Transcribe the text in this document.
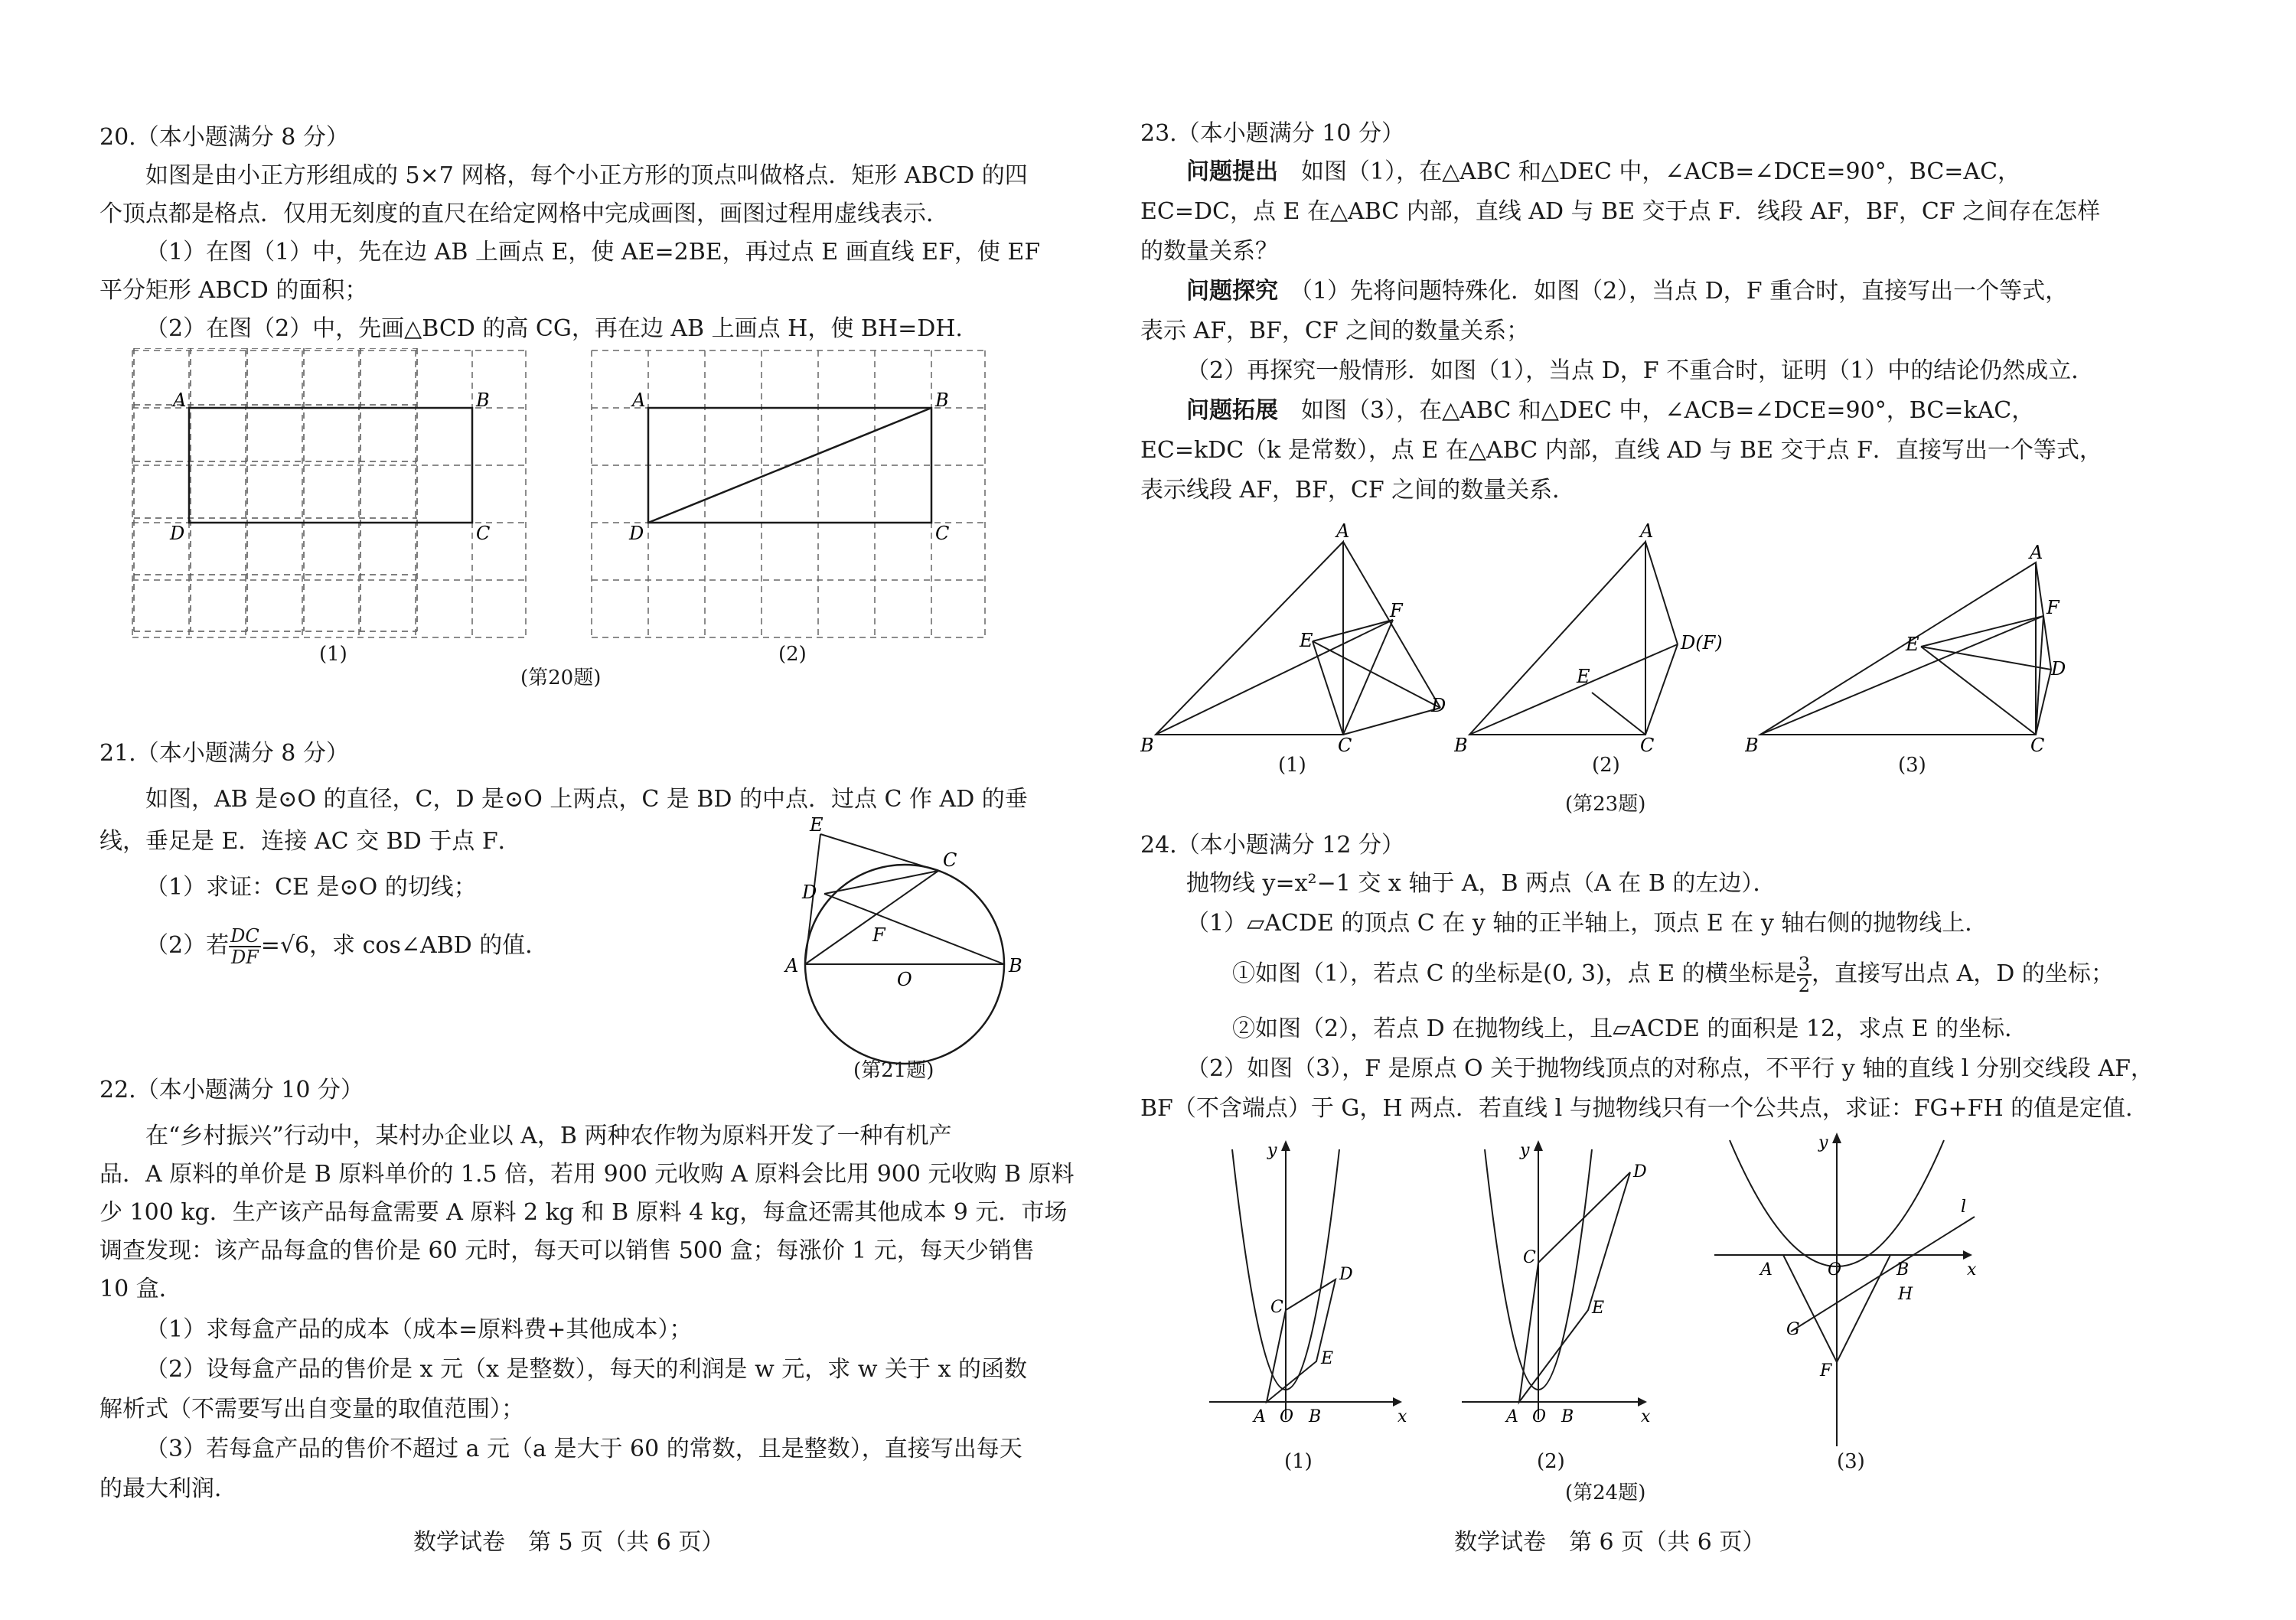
20.（本小题满分 8 分）
如图是由小正方形组成的 5×7 网格，每个小正方形的顶点叫做格点．矩形 ABCD 的四
个顶点都是格点．仅用无刻度的直尺在给定网格中完成画图，画图过程用虚线表示．
（1）在图（1）中，先在边 AB 上画点 E，使 AE=2BE，再过点 E 画直线 EF，使 EF
平分矩形 ABCD 的面积；
（2）在图（2）中，先画△BCD 的高 CG，再在边 AB 上画点 H，使 BH=DH.
A	B
C
D
(1)
A	B
C
D
(2)
(第20题)
21.（本小题满分 8 分）
如图，AB 是⊙O 的直径，C，D 是⊙O 上两点，C 是 BD 的中点．过点 C 作 AD 的垂
线，垂足是 E．连接 AC 交 BD 于点 F．
（1）求证：CE 是⊙O 的切线；
（2）若 $\frac{DC}{DF} =√6$，求 cos∠ABD 的值．
E
C
D
F
A
O
B
(第21题)
22.（本小题满分 10 分）
在“乡村振兴”行动中，某村办企业以 A，B 两种农作物为原料开发了一种有机产
品．A 原料的单价是 B 原料单价的 1.5 倍，若用 900 元收购 A 原料会比用 900 元收购 B 原料
少 100 kg．生产该产品每盒需要 A 原料 2 kg 和 B 原料 4 kg，每盒还需其他成本 9 元．市场
调查发现：该产品每盒的售价是 60 元时，每天可以销售 500 盒；每涨价 1 元，每天少销售
10 盒．
（1）求每盒产品的成本（成本=原料费+其他成本）；
（2）设每盒产品的售价是 x 元（x 是整数），每天的利润是 w 元，求 w 关于 x 的函数
解析式（不需要写出自变量的取值范围）；
（3）若每盒产品的售价不超过 a 元（a 是大于 60 的常数，且是整数），直接写出每天
的最大利润．
数学试卷　第 5 页（共 6 页）
23.（本小题满分 10 分）
问题提出　 如图（1），在△ABC 和△DEC 中，∠ACB=∠DCE=90°，BC=AC，
EC=DC，点 E 在△ABC 内部，直线 AD 与 BE 交于点 F．线段 AF，BF，CF 之间存在怎样
的数量关系？
问题探究　 （1）先将问题特殊化．如图（2），当点 D，F 重合时，直接写出一个等式，
表示 AF，BF，CF 之间的数量关系；
（2）再探究一般情形．如图（1），当点 D，F 不重合时，证明（1）中的结论仍然成立．
问题拓展　 如图（3），在△ABC 和△DEC 中，∠ACB=∠DCE=90°，BC=kAC，
EC=kDC（k 是常数），点 E 在△ABC 内部，直线 AD 与 BE 交于点 F．直接写出一个等式，
表示线段 AF，BF，CF 之间的数量关系．
A
B	C
D
E
F
(1)
A
B	C
D(F)
E
(2)
A
B	C
D
E
F
(3)
(第23题)
24.（本小题满分 12 分）
抛物线 y=x²−1 交 x 轴于 A，B 两点（A 在 B 的左边）．
（1）▱ACDE 的顶点 C 在 y 轴的正半轴上，顶点 E 在 y 轴右侧的抛物线上．
①如图（1），若点 C 的坐标是(0, 3)，点 E 的横坐标是 $\frac{3}{2}$ ，直接写出点 A，D 的坐标；
②如图（2），若点 D 在抛物线上，且▱ACDE 的面积是 12，求点 E 的坐标．
（2）如图（3），F 是原点 O 关于抛物线顶点的对称点，不平行 y 轴的直线 l 分别交线段 AF，
BF（不含端点）于 G，H 两点．若直线 l 与抛物线只有一个公共点，求证：FG+FH 的值是定值．
x
y
A O B
C
D
E
(1)
x
y
A O B
C
D
E
(2)
x
y
A	O	B
F
G
H
l
(3)
(第24题)
数学试卷　第 6 页（共 6 页）
